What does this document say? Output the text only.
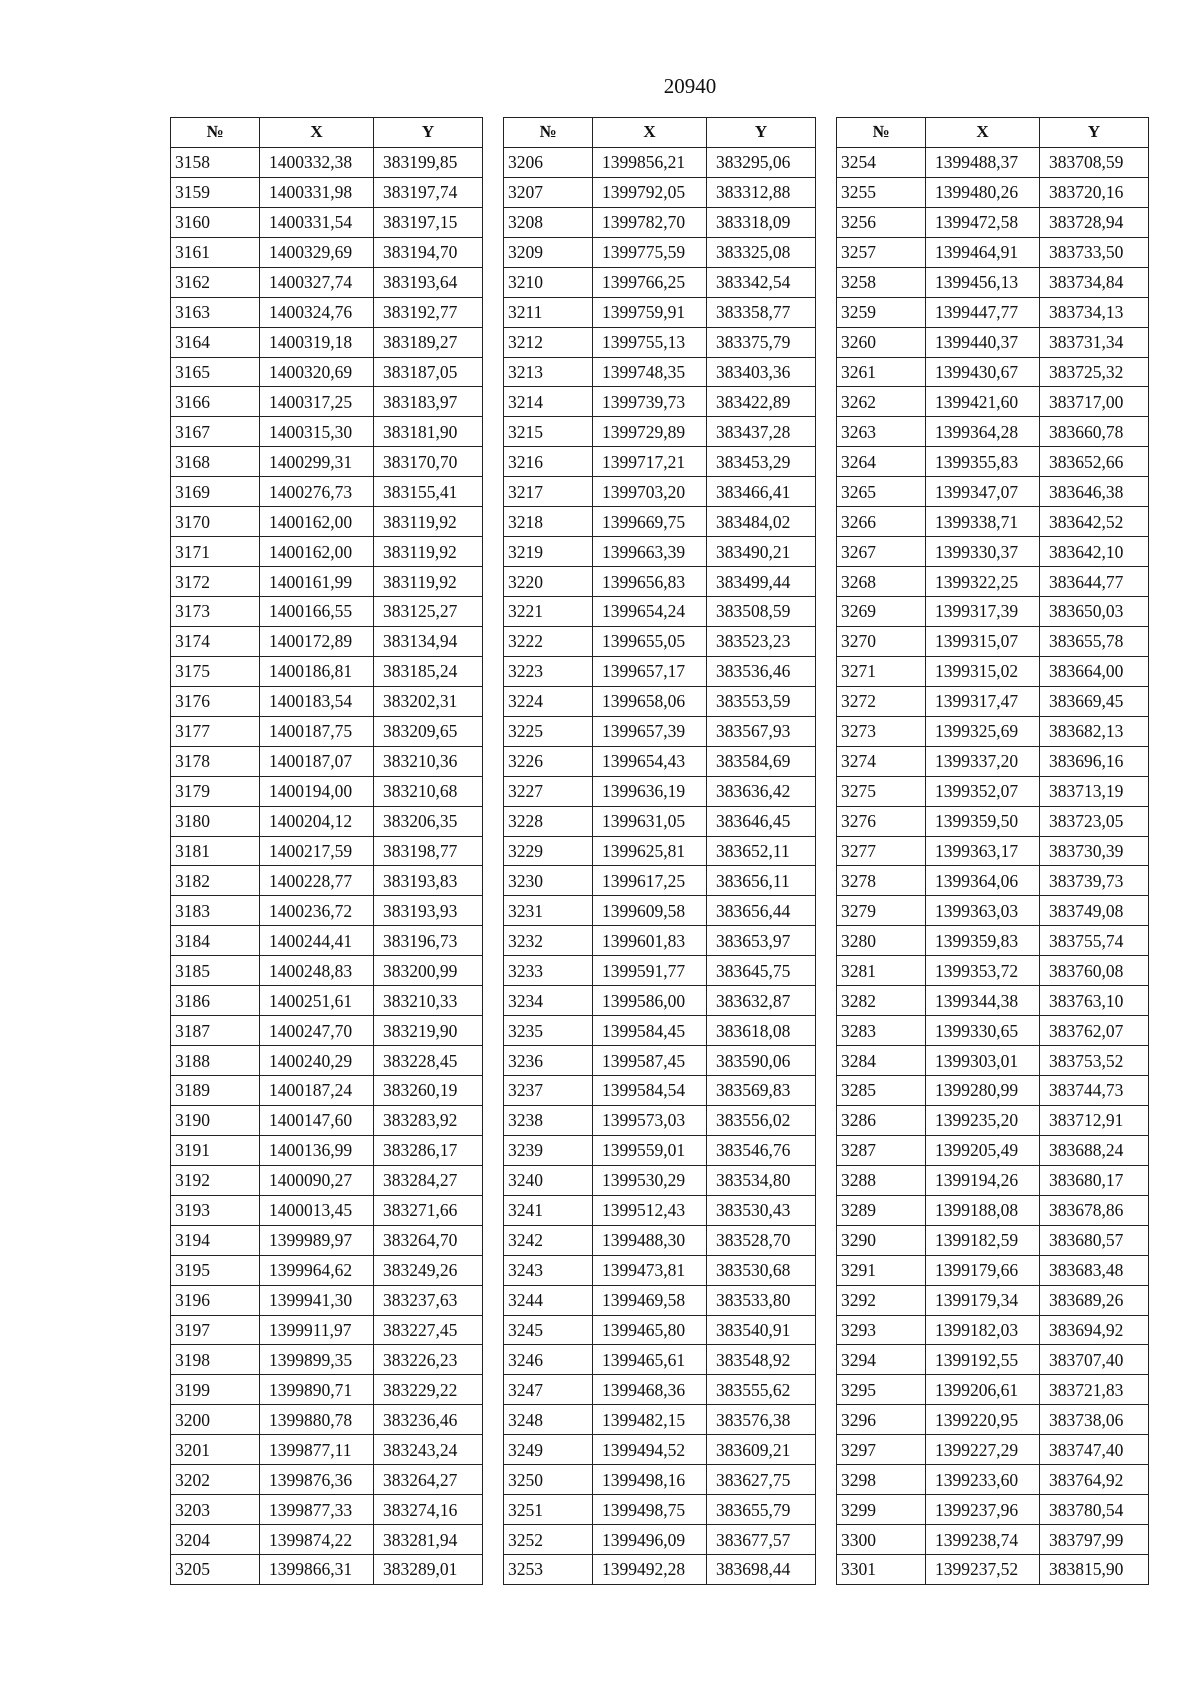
20940
№	X	Y
3158	1400332,38	383199,85
3159	1400331,98	383197,74
3160	1400331,54	383197,15
3161	1400329,69	383194,70
3162	1400327,74	383193,64
3163	1400324,76	383192,77
3164	1400319,18	383189,27
3165	1400320,69	383187,05
3166	1400317,25	383183,97
3167	1400315,30	383181,90
3168	1400299,31	383170,70
3169	1400276,73	383155,41
3170	1400162,00	383119,92
3171	1400162,00	383119,92
3172	1400161,99	383119,92
3173	1400166,55	383125,27
3174	1400172,89	383134,94
3175	1400186,81	383185,24
3176	1400183,54	383202,31
3177	1400187,75	383209,65
3178	1400187,07	383210,36
3179	1400194,00	383210,68
3180	1400204,12	383206,35
3181	1400217,59	383198,77
3182	1400228,77	383193,83
3183	1400236,72	383193,93
3184	1400244,41	383196,73
3185	1400248,83	383200,99
3186	1400251,61	383210,33
3187	1400247,70	383219,90
3188	1400240,29	383228,45
3189	1400187,24	383260,19
3190	1400147,60	383283,92
3191	1400136,99	383286,17
3192	1400090,27	383284,27
3193	1400013,45	383271,66
3194	1399989,97	383264,70
3195	1399964,62	383249,26
3196	1399941,30	383237,63
3197	1399911,97	383227,45
3198	1399899,35	383226,23
3199	1399890,71	383229,22
3200	1399880,78	383236,46
3201	1399877,11	383243,24
3202	1399876,36	383264,27
3203	1399877,33	383274,16
3204	1399874,22	383281,94
3205	1399866,31	383289,01
№	X	Y
3206	1399856,21	383295,06
3207	1399792,05	383312,88
3208	1399782,70	383318,09
3209	1399775,59	383325,08
3210	1399766,25	383342,54
3211	1399759,91	383358,77
3212	1399755,13	383375,79
3213	1399748,35	383403,36
3214	1399739,73	383422,89
3215	1399729,89	383437,28
3216	1399717,21	383453,29
3217	1399703,20	383466,41
3218	1399669,75	383484,02
3219	1399663,39	383490,21
3220	1399656,83	383499,44
3221	1399654,24	383508,59
3222	1399655,05	383523,23
3223	1399657,17	383536,46
3224	1399658,06	383553,59
3225	1399657,39	383567,93
3226	1399654,43	383584,69
3227	1399636,19	383636,42
3228	1399631,05	383646,45
3229	1399625,81	383652,11
3230	1399617,25	383656,11
3231	1399609,58	383656,44
3232	1399601,83	383653,97
3233	1399591,77	383645,75
3234	1399586,00	383632,87
3235	1399584,45	383618,08
3236	1399587,45	383590,06
3237	1399584,54	383569,83
3238	1399573,03	383556,02
3239	1399559,01	383546,76
3240	1399530,29	383534,80
3241	1399512,43	383530,43
3242	1399488,30	383528,70
3243	1399473,81	383530,68
3244	1399469,58	383533,80
3245	1399465,80	383540,91
3246	1399465,61	383548,92
3247	1399468,36	383555,62
3248	1399482,15	383576,38
3249	1399494,52	383609,21
3250	1399498,16	383627,75
3251	1399498,75	383655,79
3252	1399496,09	383677,57
3253	1399492,28	383698,44
№	X	Y
3254	1399488,37	383708,59
3255	1399480,26	383720,16
3256	1399472,58	383728,94
3257	1399464,91	383733,50
3258	1399456,13	383734,84
3259	1399447,77	383734,13
3260	1399440,37	383731,34
3261	1399430,67	383725,32
3262	1399421,60	383717,00
3263	1399364,28	383660,78
3264	1399355,83	383652,66
3265	1399347,07	383646,38
3266	1399338,71	383642,52
3267	1399330,37	383642,10
3268	1399322,25	383644,77
3269	1399317,39	383650,03
3270	1399315,07	383655,78
3271	1399315,02	383664,00
3272	1399317,47	383669,45
3273	1399325,69	383682,13
3274	1399337,20	383696,16
3275	1399352,07	383713,19
3276	1399359,50	383723,05
3277	1399363,17	383730,39
3278	1399364,06	383739,73
3279	1399363,03	383749,08
3280	1399359,83	383755,74
3281	1399353,72	383760,08
3282	1399344,38	383763,10
3283	1399330,65	383762,07
3284	1399303,01	383753,52
3285	1399280,99	383744,73
3286	1399235,20	383712,91
3287	1399205,49	383688,24
3288	1399194,26	383680,17
3289	1399188,08	383678,86
3290	1399182,59	383680,57
3291	1399179,66	383683,48
3292	1399179,34	383689,26
3293	1399182,03	383694,92
3294	1399192,55	383707,40
3295	1399206,61	383721,83
3296	1399220,95	383738,06
3297	1399227,29	383747,40
3298	1399233,60	383764,92
3299	1399237,96	383780,54
3300	1399238,74	383797,99
3301	1399237,52	383815,90
